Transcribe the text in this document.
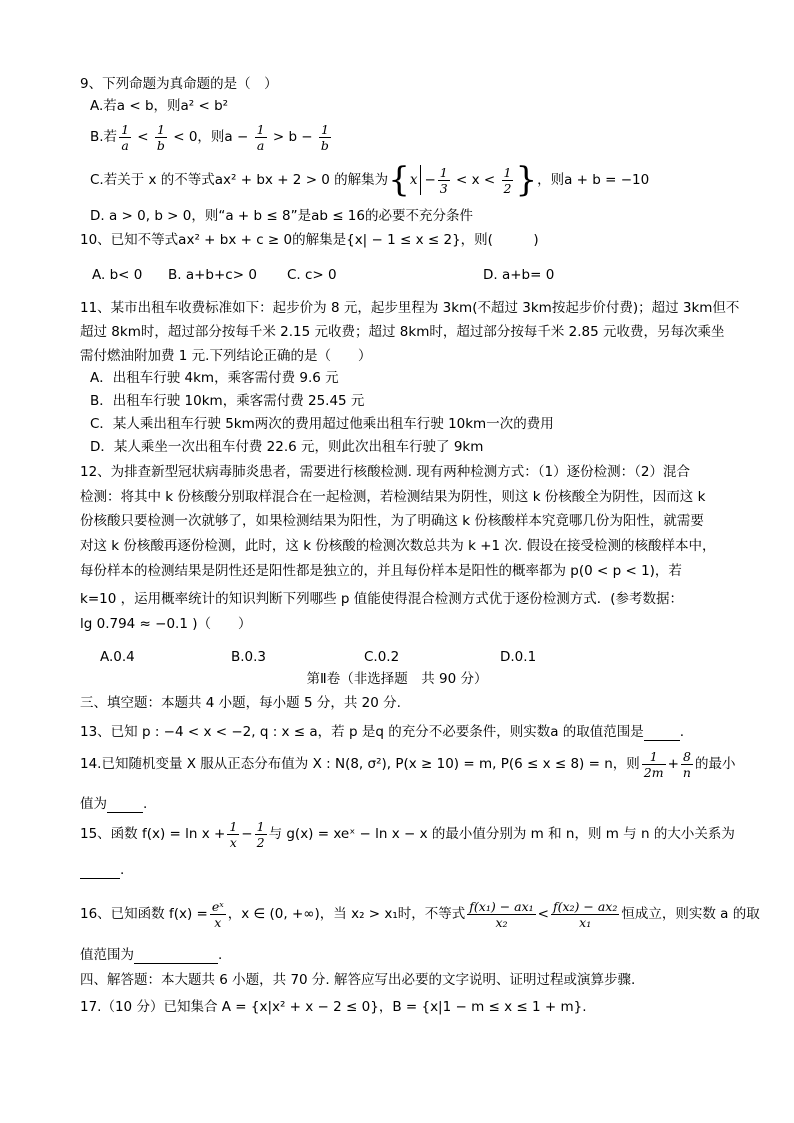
9、下列命题为真命题的是（　）
A.若a < b，则a² < b²
B.若 $\frac{1}{a} < \frac{1}{b} < 0$，则$a - \frac{1}{a} > b - \frac{1}{b}$
C.若关于 x 的不等式ax² + bx + 2 > 0 的解集为{$x - \frac{1}{3} < x < \frac{1}{2}$ }，则a + b = −10
D. a > 0, b > 0，则“a + b ≤ 8”是ab ≤ 16的必要不充分条件
10、已知不等式ax² + bx + c ≥ 0的解集是{x| − 1 ≤ x ≤ 2}，则(　　　)
A. b< 0 B. a+b+c> 0 C. c> 0	D. a+b= 0
11、某市出租车收费标准如下：起步价为 8 元，起步里程为 3km(不超过 3km按起步价付费)；超过 3km但不
超过 8km时，超过部分按每千米 2.15 元收费；超过 8km时，超过部分按每千米 2.85 元收费，另每次乘坐
需付燃油附加费 1 元.下列结论正确的是（　　）
A．出租车行驶 4km，乘客需付费 9.6 元
B．出租车行驶 10km，乘客需付费 25.45 元
C．某人乘出租车行驶 5km两次的费用超过他乘出租车行驶 10km一次的费用
D．某人乘坐一次出租车付费 22.6 元，则此次出租车行驶了 9km
12、为排查新型冠状病毒肺炎患者，需要进行核酸检测. 现有两种检测方式：（1）逐份检测：（2）混合
检测：将其中 k 份核酸分别取样混合在一起检测，若检测结果为阴性，则这 k 份核酸全为阴性，因而这 k
份核酸只要检测一次就够了，如果检测结果为阳性，为了明确这 k 份核酸样本究竟哪几份为阳性，就需要
对这 k 份核酸再逐份检测，此时，这 k 份核酸的检测次数总共为 k +1 次. 假设在接受检测的核酸样本中，
每份样本的检测结果是阴性还是阳性都是独立的，并且每份样本是阳性的概率都为 p(0 < p < 1)，若
k=10 ，运用概率统计的知识判断下列哪些 p 值能使得混合检测方式优于逐份检测方式．(参考数据：
lg 0.794 ≈ −0.1 )（　　）
A.0.4	B.0.3	C.0.2	D.0.1
第Ⅱ卷（非选择题　共 90 分）
三、填空题：本题共 4 小题，每小题 5 分，共 20 分.
13、已知 p : −4 < x < −2, q : x ≤ a，若 p 是q 的充分不必要条件，则实数a 的取值范围是	.
14.已知随机变量 X 服从正态分布值为 X : N(8, σ²), P(x ≥ 10) = m, P(6 ≤ x ≤ 8) = n，则 $\frac{1}{2m} + \frac{8}{n}$ 的最小
值为	.
15、函数 $f(x) = \ln x + \frac{1}{x} - \frac{1}{2}$ 与 g(x) = xeˣ − ln x − x 的最小值分别为 m 和 n，则 m 与 n 的大小关系为
.
16、已知函数 $f(x) = \frac{\text{eˣ}}{x}$ ，x ∈ (0, +∞)，当 x₂ > x₁时，不等式 $\frac{\text{f(x₁) − ax₁}}{\text{x₂}} < \frac{\text{f(x₂) − ax₂}}{\text{x₁}}$ 恒成立，则实数 a 的取
值范围为	.
四、解答题：本大题共 6 小题，共 70 分. 解答应写出必要的文字说明、证明过程或演算步骤.
17.（10 分）已知集合 A = {x|x² + x − 2 ≤ 0}，B = {x|1 − m ≤ x ≤ 1 + m}.
